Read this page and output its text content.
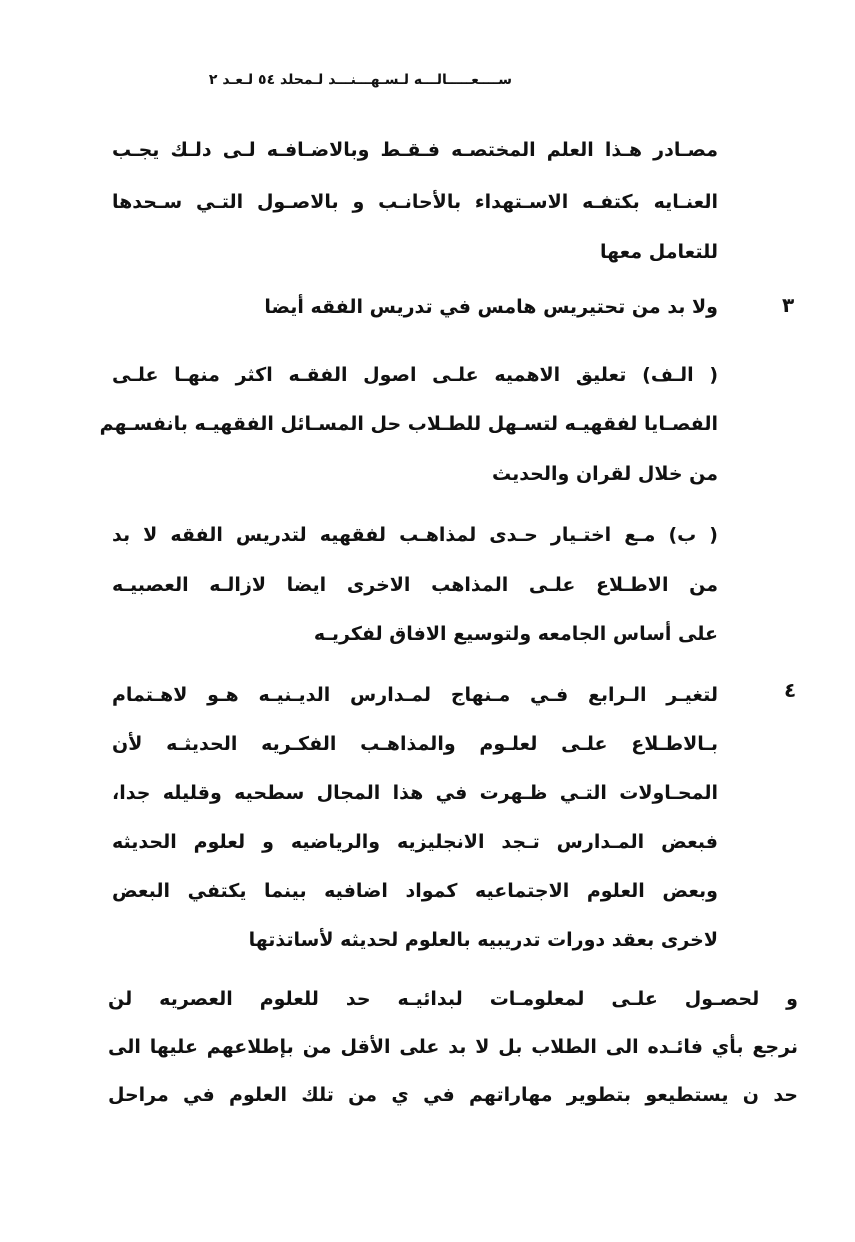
ســــعـــــالـــه لـسـهـــنـــد لـمحلد ٥٤ لـعـد ٢
مصـادر هـذا العلم المختصـه فـقـط وبالاضـافـه لـى دلـك يجـب
العنـايه بكتفـه الاسـتهداء بالأحانـب و بالاصـول التـي سـحدها
للتعامل معها
٣
ولا بد من تحتيريس هامس في تدريس الفقه أيضا
( الـف) تعليق الاهميه علـى اصول الفقـه اكثر منهـا علـى
الفصـايا لفقهيـه لتسـهل للطـلاب حل المسـائل الفقهيـه بانفسـهم
من خلال لقران والحديث
( ب) مـع اختـيار حـدى لمذاهـب لفقهيه لتدريس الفقه لا بد
من الاطـلاع علـى المذاهب الاخرى ايضا لازالـه العصبيـه
على أساس الجامعه ولتوسيع الافاق لفكريـه
٤
لتغيـر الـرابع فـي مـنهاج لمـدارس الديـنيـه هـو لاهـتمام
بـالاطـلاع علـى لعلـوم والمذاهـب الفكـريه الحديثـه لأن
المحـاولات التـي ظـهرت في هذا المجال سطحيه وقليله جدا،
فبعض المـدارس تـجد الانجليزيه والرياضيه و لعلوم الحديثه
وبعض العلوم الاجتماعيه كمواد اضافيه بينما يكتفي البعض
لاخرى بعقد دورات تدريبيه بالعلوم لحديثه لأساتذتها
و لحصـول علـى لمعلومـات لبدائيـه حد للعلوم العصريه لن
نرجع بأي فائـده الى الطلاب بل لا بد على الأقل من بإطلاعهم عليها الى
حد ن يستطيعو بتطوير مهاراتهم في ي من تلك العلوم في مراحل
